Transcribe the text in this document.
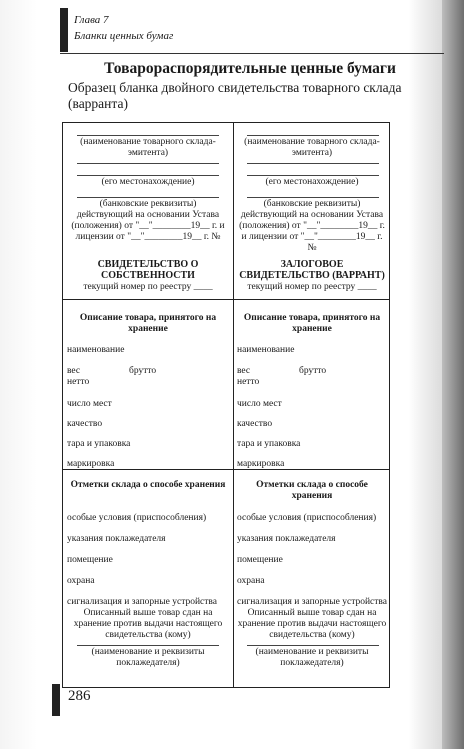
Глава 7
Бланки ценных бумаг
Товарораспорядительные ценные бумаги
Образец бланка двойного свидетельства товарного склада (варранта)
(наименование товарного склада-эмитента)
(его местонахождение)
(банковские реквизиты)
действующий на основании Устава (положения) от "__"________19__ г. и лицензии от "__"________19__ г. №
СВИДЕТЕЛЬСТВО О СОБСТВЕННОСТИ
текущий номер по реестру ____
Описание товара, принятого на хранение
наименование
вес	брутто
нетто
число мест
качество
тара и упаковка
маркировка
Отметки склада о способе хранения
особые условия (приспособления)
указания поклажедателя
помещение
охрана
сигнализация и запорные устройства
Описанный выше товар сдан на хранение против выдачи настоящего свидетельства (кому)
(наименование и реквизиты поклажедателя)
(наименование товарного склада-эмитента)
(его местонахождение)
(банковские реквизиты)
действующий на основании Устава (положения) от "__"________19__ г. и лицензии от "__"________19__ г. №
ЗАЛОГОВОЕ СВИДЕТЕЛЬСТВО (ВАРРАНТ)
текущий номер по реестру ____
Описание товара, принятого на хранение
наименование
вес	брутто
нетто
число мест
качество
тара и упаковка
маркировка
Отметки склада о способе хранения
особые условия (приспособления)
указания поклажедателя
помещение
охрана
сигнализация и запорные устройства
Описанный выше товар сдан на хранение против выдачи настоящего свидетельства (кому)
(наименование и реквизиты поклажедателя)
286
